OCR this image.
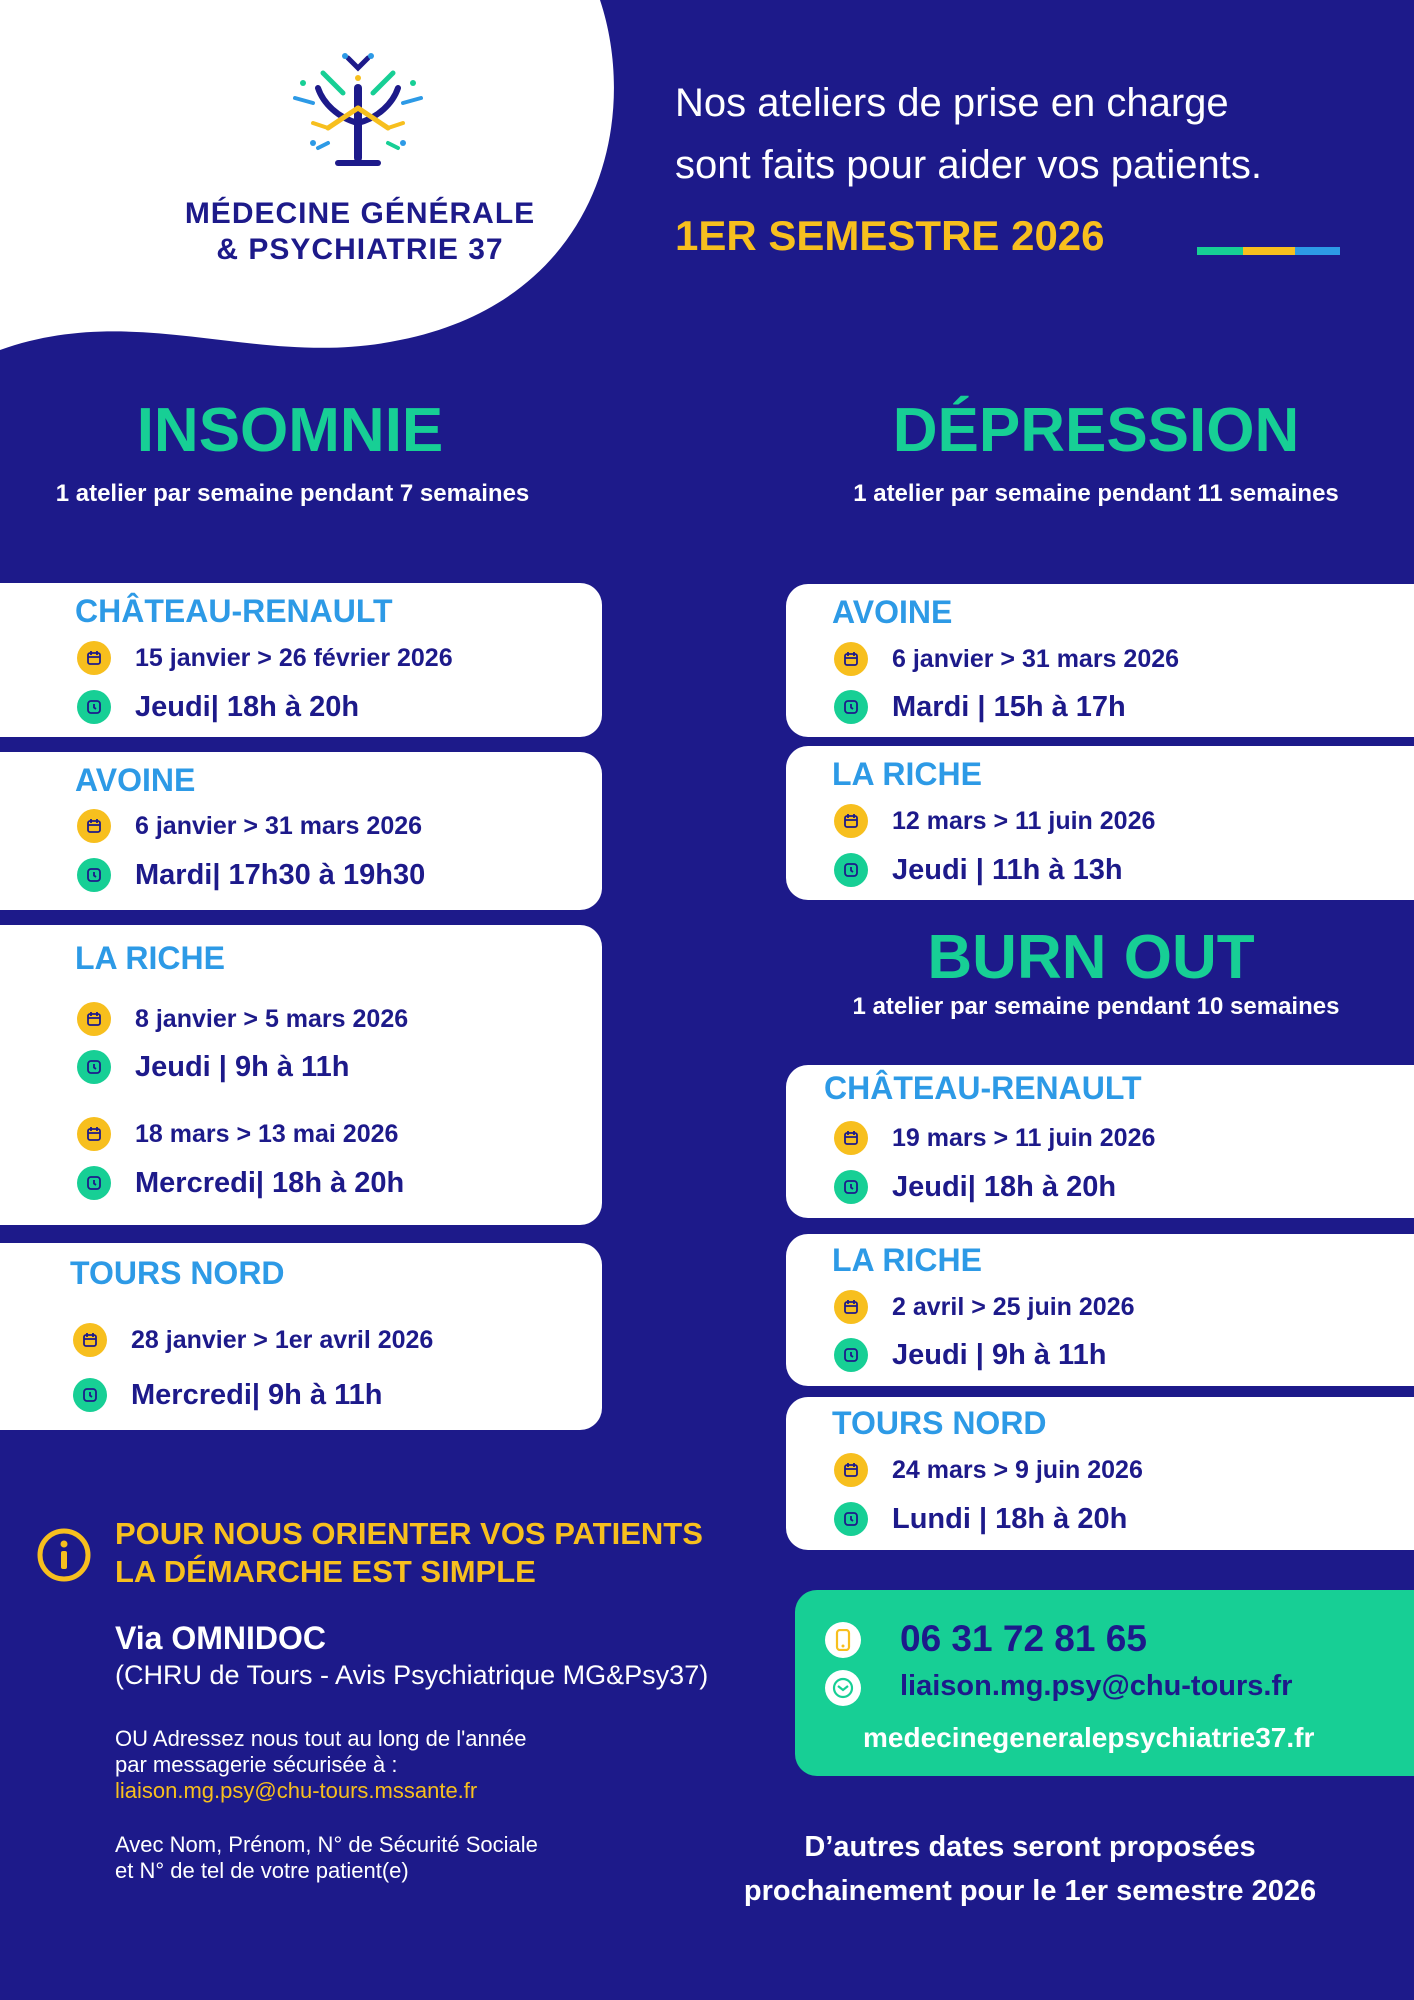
MÉDECINE GÉNÉRALE
& PSYCHIATRIE 37
Nos ateliers de prise en charge
sont faits pour aider vos patients.
1ER SEMESTRE 2026
INSOMNIE
1 atelier par semaine pendant 7 semaines
DÉPRESSION
1 atelier par semaine pendant 11 semaines
BURN OUT
1 atelier par semaine pendant 10 semaines
CHÂTEAU-RENAULT
15 janvier > 26 février 2026
Jeudi| 18h à 20h
AVOINE
6 janvier > 31 mars 2026
Mardi| 17h30 à 19h30
LA RICHE
8 janvier > 5 mars 2026
Jeudi | 9h à 11h
18 mars > 13 mai 2026
Mercredi| 18h à 20h
TOURS NORD
28 janvier > 1er avril 2026
Mercredi| 9h à 11h
AVOINE
6 janvier > 31 mars 2026
Mardi | 15h à 17h
LA RICHE
12 mars > 11 juin 2026
Jeudi | 11h à 13h
CHÂTEAU-RENAULT
19 mars > 11 juin 2026
Jeudi| 18h à 20h
LA RICHE
2 avril > 25 juin 2026
Jeudi | 9h à 11h
TOURS NORD
24 mars > 9 juin 2026
Lundi | 18h à 20h
POUR NOUS ORIENTER VOS PATIENTS
LA DÉMARCHE EST SIMPLE
Via OMNIDOC
(CHRU de Tours - Avis Psychiatrique MG&Psy37)
OU Adressez nous tout au long de l'année
par messagerie sécurisée à :
liaison.mg.psy@chu-tours.mssante.fr
Avec Nom, Prénom, N° de Sécurité Sociale
et N° de tel de votre patient(e)
06 31 72 81 65
liaison.mg.psy@chu-tours.fr
medecinegeneralepsychiatrie37.fr
D’autres dates seront proposées
prochainement pour le 1er semestre 2026
